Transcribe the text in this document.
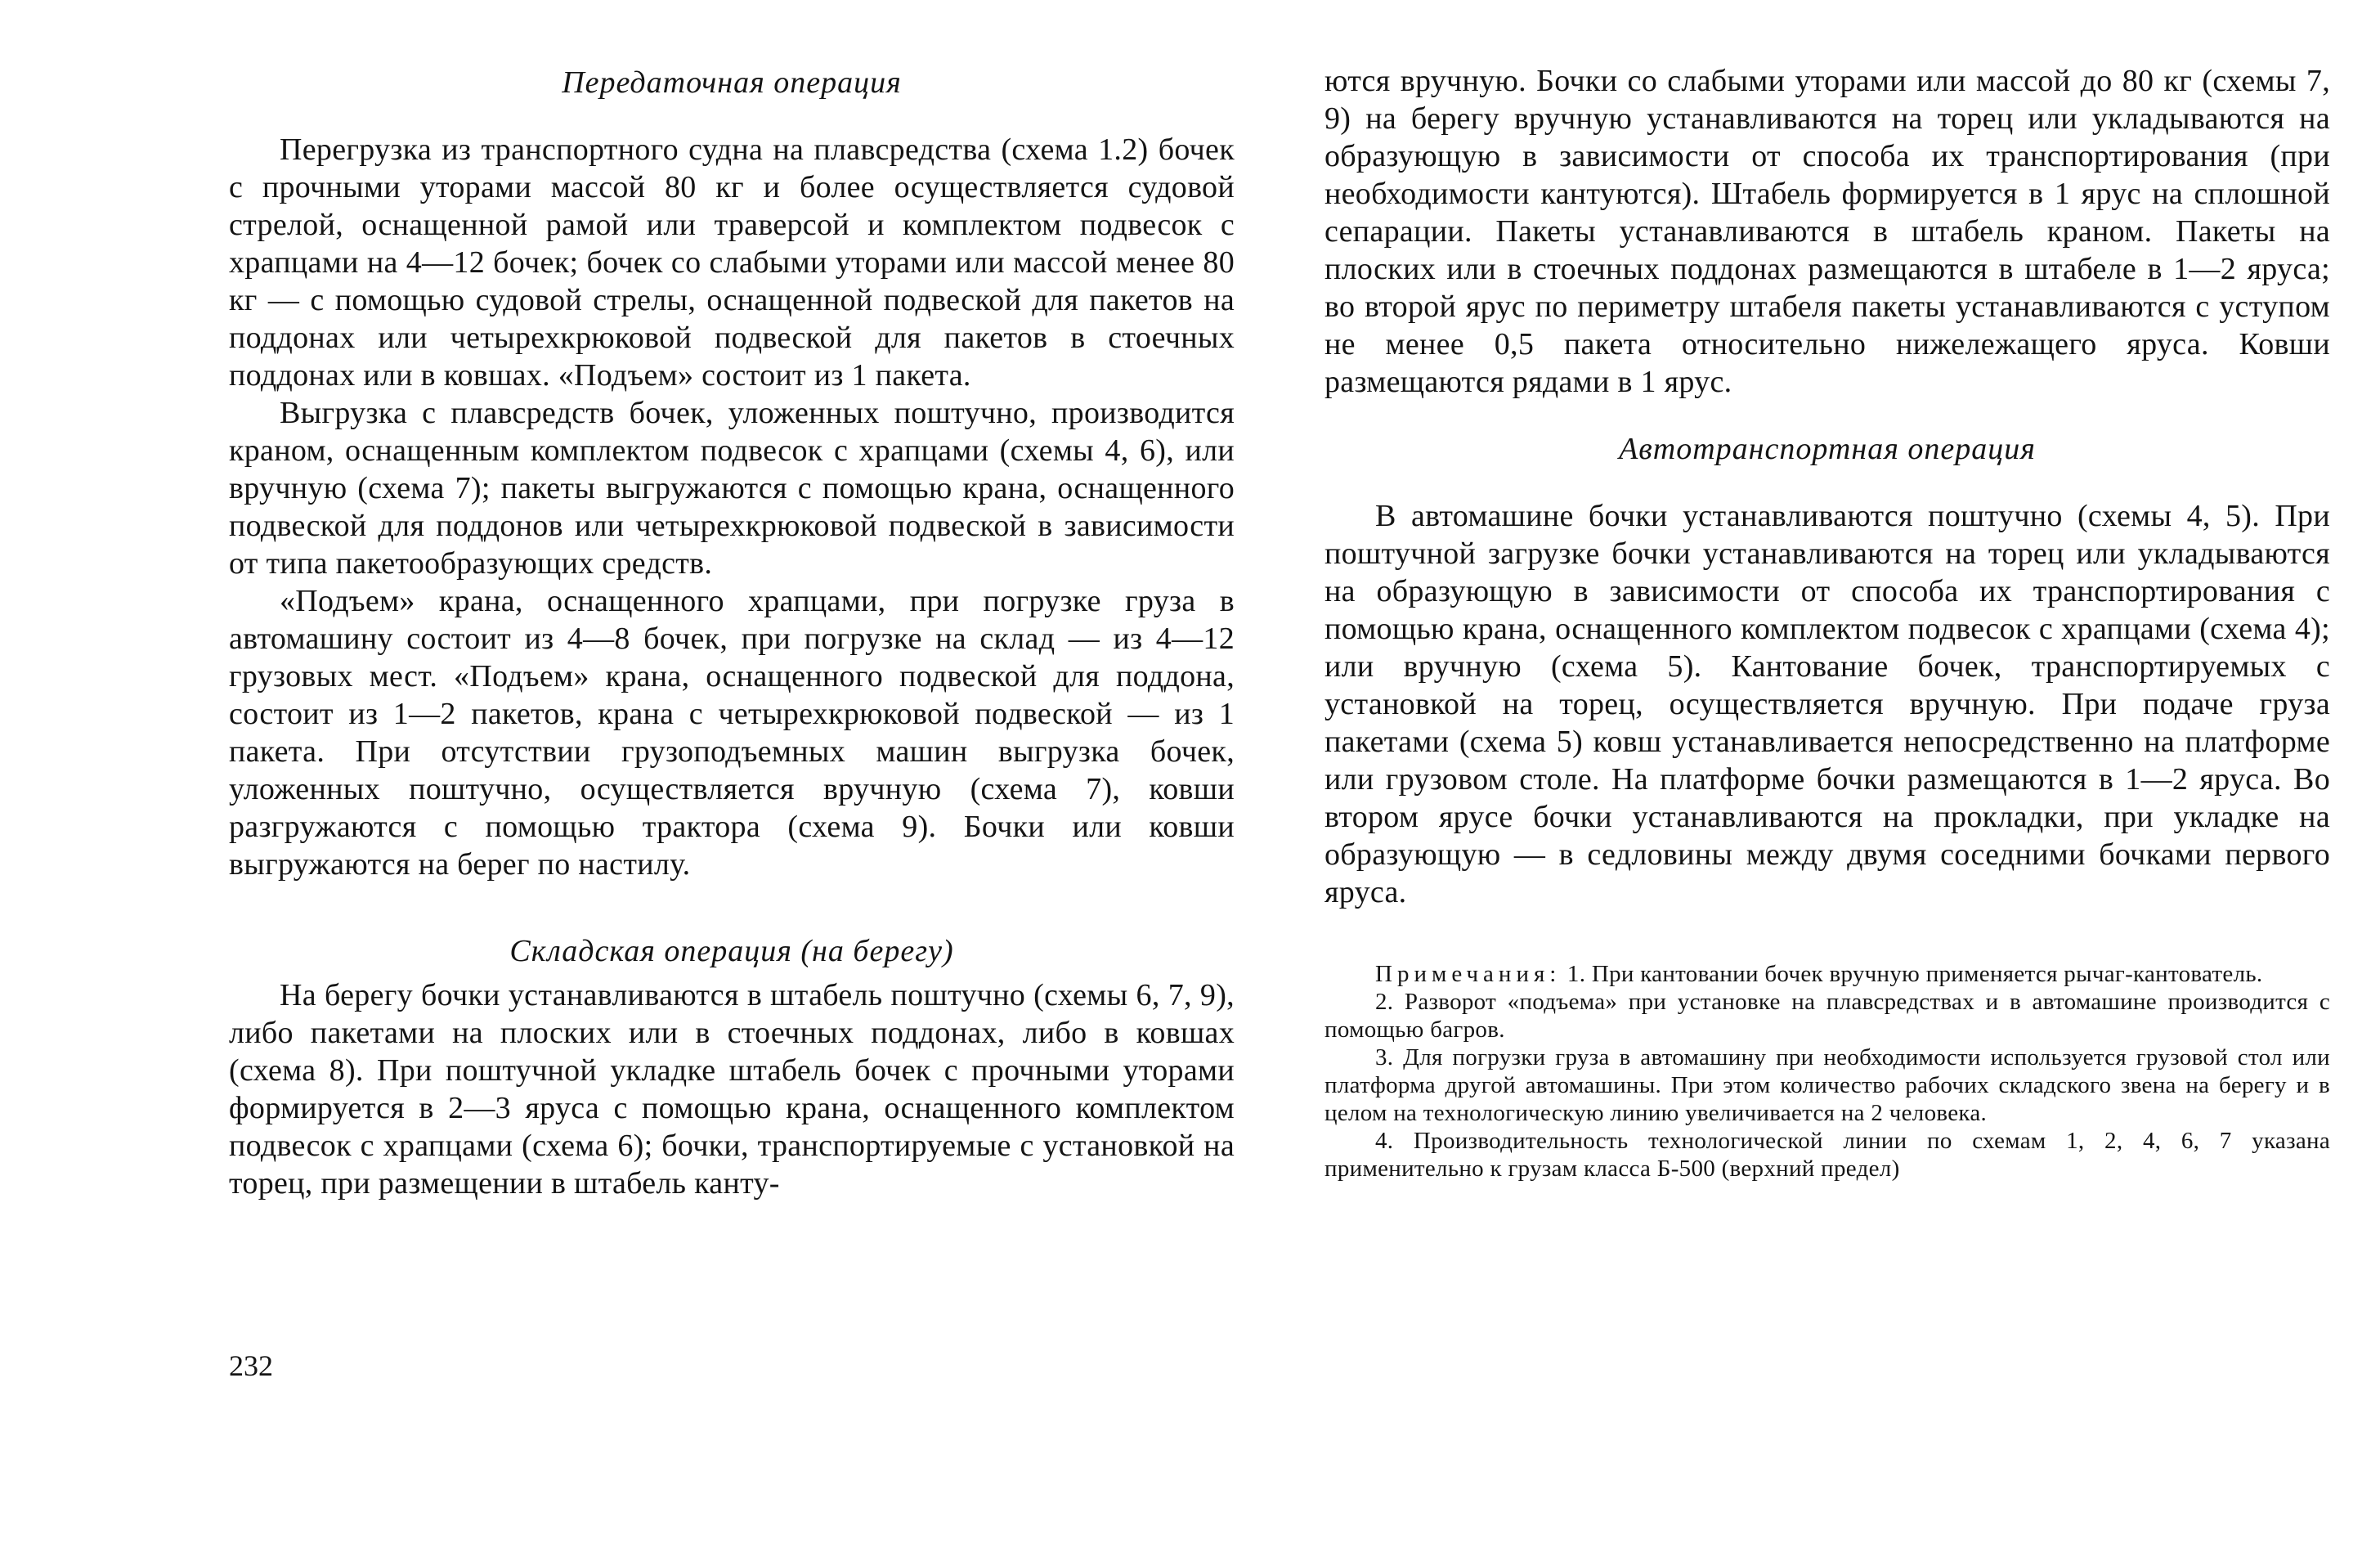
Передаточная операция

Перегрузка из транспортного судна на плавсредства (схема 1.2) бочек с прочными уторами массой 80 кг и более осуществляется судовой стрелой, оснащенной рамой или траверсой и комплектом подвесок с храпцами на 4—12 бочек; бочек со слабыми уторами или массой менее 80 кг — с помощью судовой стрелы, оснащенной подвеской для пакетов на поддонах или четырехкрюковой подвеской для пакетов в стоечных поддонах или в ковшах. «Подъем» состоит из 1 пакета.

Выгрузка с плавсредств бочек, уложенных поштучно, производится краном, оснащенным комплектом подвесок с храпцами (схемы 4, 6), или вручную (схема 7); пакеты выгружаются с помощью крана, оснащенного подвеской для поддонов или четырехкрюковой подвеской в зависимости от типа пакетообразующих средств.

«Подъем» крана, оснащенного храпцами, при погрузке груза в автомашину состоит из 4—8 бочек, при погрузке на склад — из 4—12 грузовых мест. «Подъем» крана, оснащенного подвеской для поддона, состоит из 1—2 пакетов, крана с четырехкрюковой подвеской — из 1 пакета. При отсутствии грузоподъемных машин выгрузка бочек, уложенных поштучно, осуществляется вручную (схема 7), ковши разгружаются с помощью трактора (схема 9). Бочки или ковши выгружаются на берег по настилу.

Складская операция (на берегу)

На берегу бочки устанавливаются в штабель поштучно (схемы 6, 7, 9), либо пакетами на плоских или в стоечных поддонах, либо в ковшах (схема 8). При поштучной укладке штабель бочек с прочными уторами формируется в 2—3 яруса с помощью крана, оснащенного комплектом подвесок с храпцами (схема 6); бочки, транспортируемые с установкой на торец, при размещении в штабель канту-

232

ются вручную. Бочки со слабыми уторами или массой до 80 кг (схемы 7, 9) на берегу вручную устанавливаются на торец или укладываются на образующую в зависимости от способа их транспортирования (при необходимости кантуются). Штабель формируется в 1 ярус на сплошной сепарации. Пакеты устанавливаются в штабель краном. Пакеты на плоских или в стоечных поддонах размещаются в штабеле в 1—2 яруса; во второй ярус по периметру штабеля пакеты устанавливаются с уступом не менее 0,5 пакета относительно нижележащего яруса. Ковши размещаются рядами в 1 ярус.

Автотранспортная операция

В автомашине бочки устанавливаются поштучно (схемы 4, 5). При поштучной загрузке бочки устанавливаются на торец или укладываются на образующую в зависимости от способа их транспортирования с помощью крана, оснащенного комплектом подвесок с храпцами (схема 4); или вручную (схема 5). Кантование бочек, транспортируемых с установкой на торец, осуществляется вручную. При подаче груза пакетами (схема 5) ковш устанавливается непосредственно на платформе или грузовом столе. На платформе бочки размещаются в 1—2 яруса. Во втором ярусе бочки устанавливаются на прокладки, при укладке на образующую — в седловины между двумя соседними бочками первого яруса.

Примечания: 1. При кантовании бочек вручную применяется рычаг-кантователь.

2. Разворот «подъема» при установке на плавсредствах и в автомашине производится с помощью багров.

3. Для погрузки груза в автомашину при необходимости используется грузовой стол или платформа другой автомашины. При этом количество рабочих складского звена на берегу и в целом на технологическую линию увеличивается на 2 человека.

4. Производительность технологической линии по схемам 1, 2, 4, 6, 7 указана применительно к грузам класса Б-500 (верхний предел)
